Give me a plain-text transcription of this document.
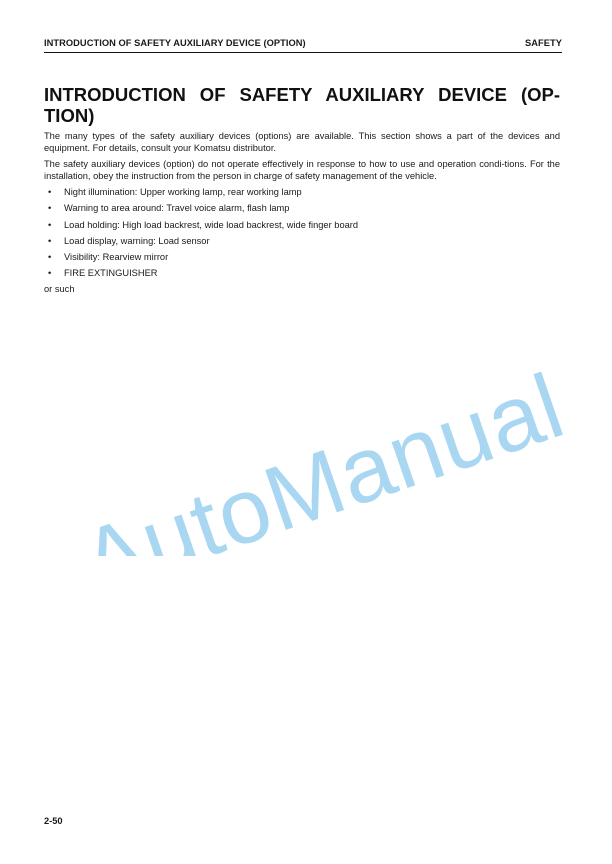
INTRODUCTION OF SAFETY AUXILIARY DEVICE (OPTION)	SAFETY
INTRODUCTION OF SAFETY AUXILIARY DEVICE (OP-TION)

The many types of the safety auxiliary devices (options) are available. This section shows a part of the devices and equipment. For details, consult your Komatsu distributor.

The safety auxiliary devices (option) do not operate effectively in response to how to use and operation condi-tions. For the installation, obey the instruction from the person in charge of safety management of the vehicle.

• Night illumination: Upper working lamp, rear working lamp
• Warning to area around: Travel voice alarm, flash lamp
• Load holding: High load backrest, wide load backrest, wide finger board
• Load display, warning: Load sensor
• Visibility: Rearview mirror
• FIRE EXTINGUISHER

or such

AutoManual
2-50
